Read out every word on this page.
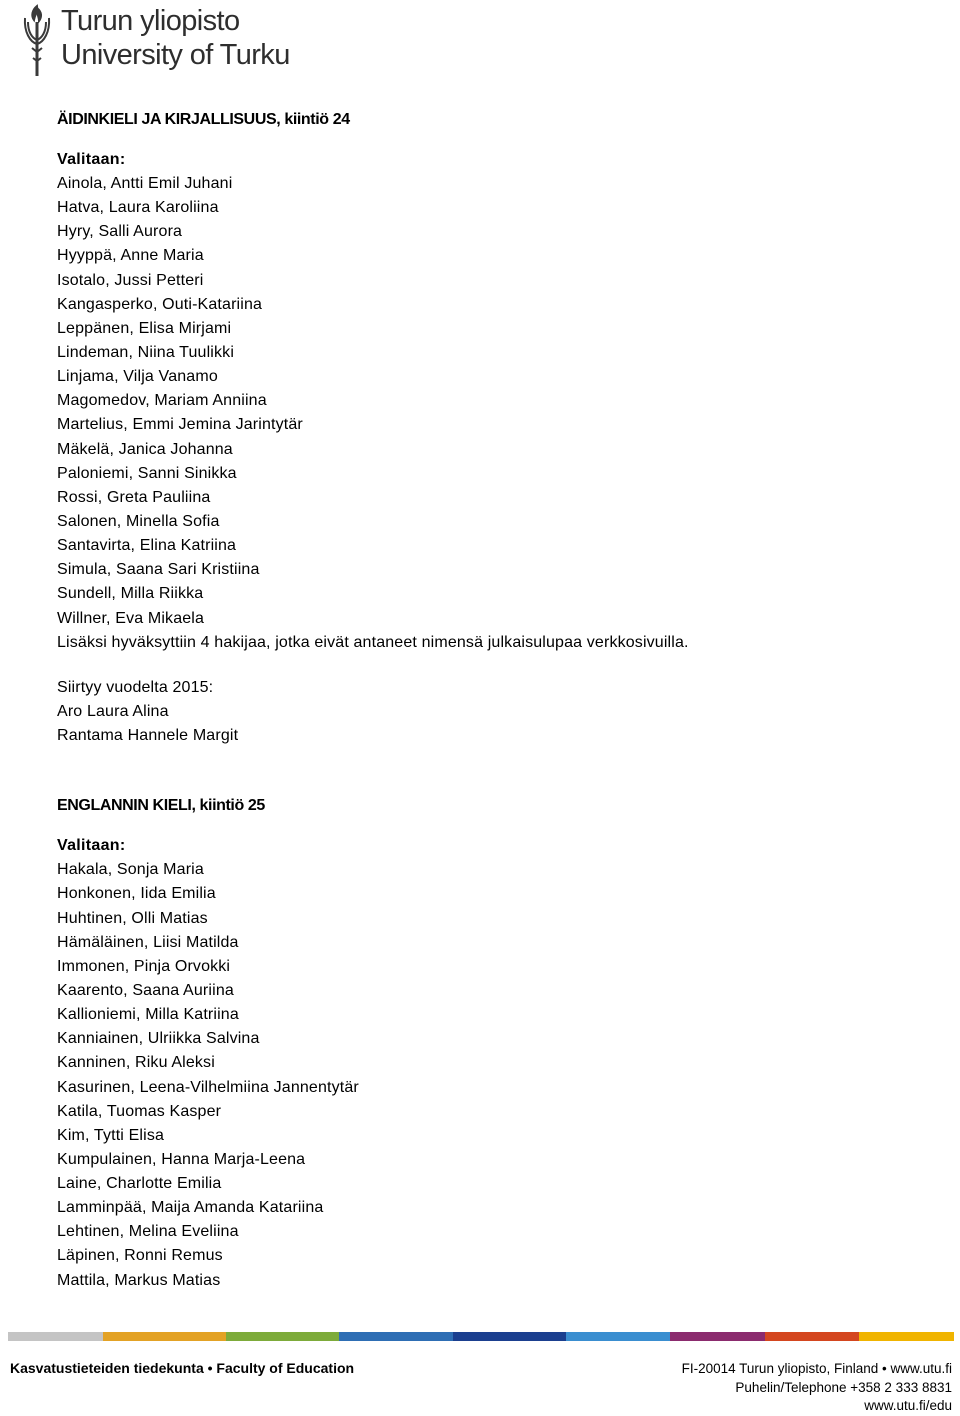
Turun yliopisto
University of Turku
ÄIDINKIELI JA KIRJALLISUUS, kiintiö 24
Valitaan:
Ainola, Antti Emil Juhani
Hatva, Laura Karoliina
Hyry, Salli Aurora
Hyyppä, Anne Maria
Isotalo, Jussi Petteri
Kangasperko, Outi-Katariina
Leppänen, Elisa Mirjami
Lindeman, Niina Tuulikki
Linjama, Vilja Vanamo
Magomedov, Mariam Anniina
Martelius, Emmi Jemina Jarintytär
Mäkelä, Janica Johanna
Paloniemi, Sanni Sinikka
Rossi, Greta Pauliina
Salonen, Minella Sofia
Santavirta, Elina Katriina
Simula, Saana Sari Kristiina
Sundell, Milla Riikka
Willner, Eva Mikaela
Lisäksi hyväksyttiin 4 hakijaa, jotka eivät antaneet nimensä julkaisulupaa verkkosivuilla.
Siirtyy vuodelta 2015:
Aro Laura Alina
Rantama Hannele Margit
ENGLANNIN KIELI, kiintiö 25
Valitaan:
Hakala, Sonja Maria
Honkonen, Iida Emilia
Huhtinen, Olli Matias
Hämäläinen, Liisi Matilda
Immonen, Pinja Orvokki
Kaarento, Saana Auriina
Kallioniemi, Milla Katriina
Kanniainen, Ulriikka Salvina
Kanninen, Riku Aleksi
Kasurinen, Leena-Vilhelmiina Jannentytär
Katila, Tuomas Kasper
Kim, Tytti Elisa
Kumpulainen, Hanna Marja-Leena
Laine, Charlotte Emilia
Lamminpää, Maija Amanda Katariina
Lehtinen, Melina Eveliina
Läpinen, Ronni Remus
Mattila, Markus Matias
Kasvatustieteiden tiedekunta • Faculty of Education	FI-20014 Turun yliopisto, Finland • www.utu.fi
Puhelin/Telephone +358 2 333 8831
www.utu.fi/edu
